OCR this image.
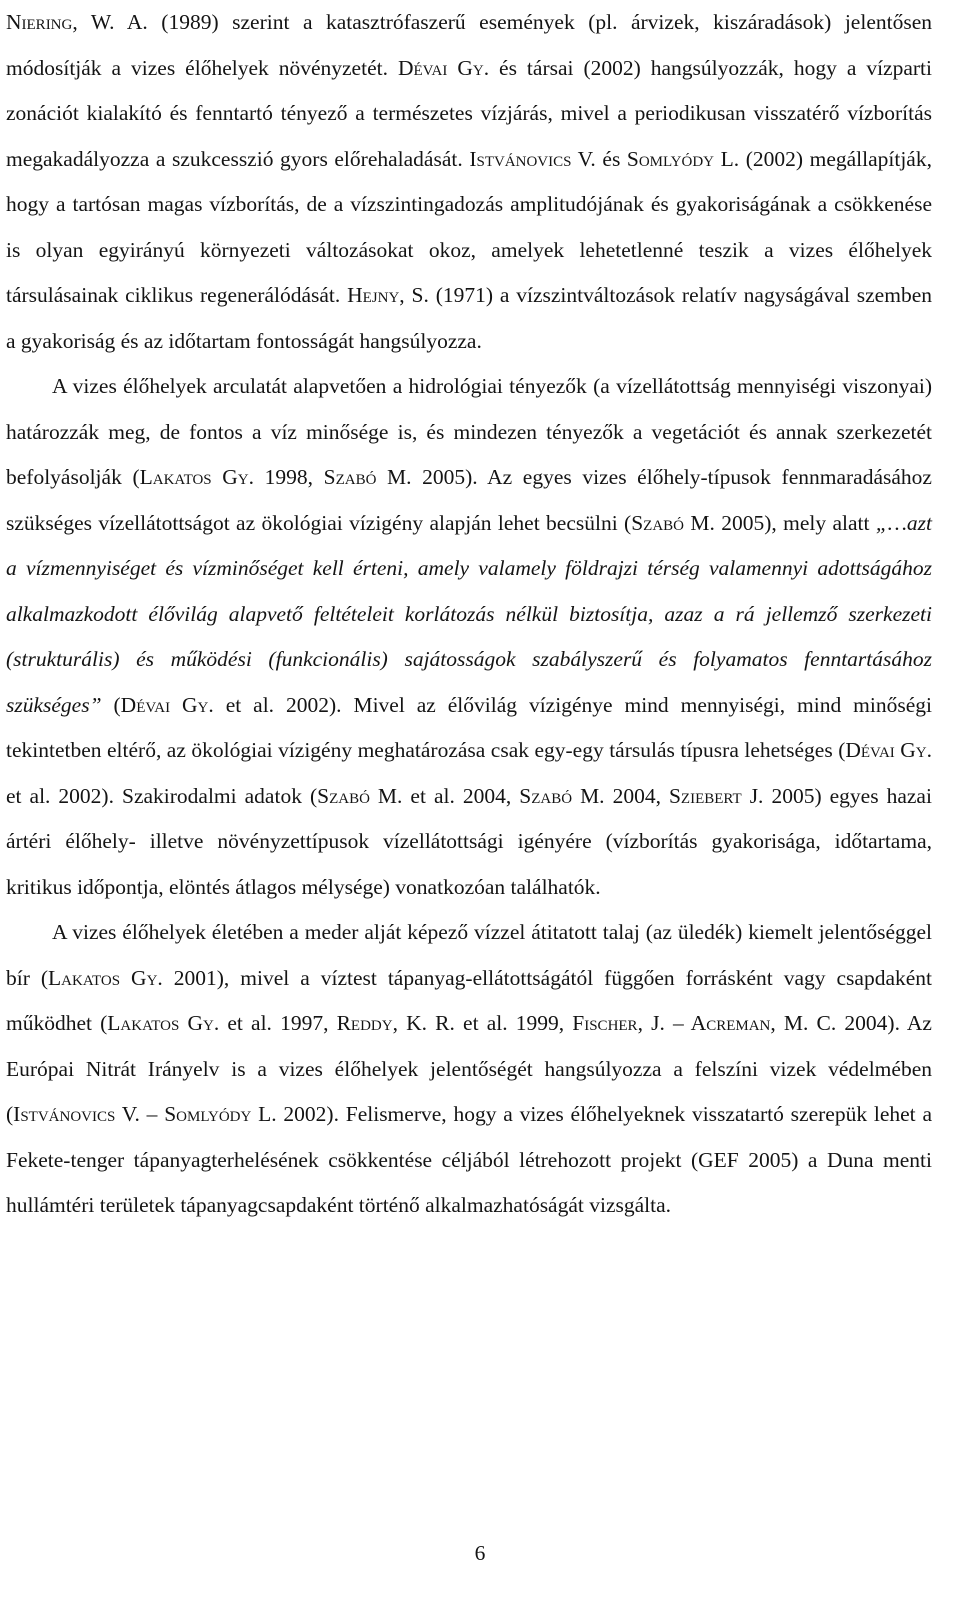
Niering, W. A. (1989) szerint a katasztrófaszerű események (pl. árvizek, kiszáradások) jelentősen módosítják a vizes élőhelyek növényzetét. Dévai Gy. és társai (2002) hangsúlyozzák, hogy a vízparti zonációt kialakító és fenntartó tényező a természetes vízjárás, mivel a periodikusan visszatérő vízborítás megakadályozza a szukcesszió gyors előrehaladását. Istvánovics V. és Somlyódy L. (2002) megállapítják, hogy a tartósan magas vízborítás, de a vízszintingadozás amplitudójának és gyakoriságának a csökkenése is olyan egyirányú környezeti változásokat okoz, amelyek lehetetlenné teszik a vizes élőhelyek társulásainak ciklikus regenerálódását. Hejny, S. (1971) a vízszintváltozások relatív nagyságával szemben a gyakoriság és az időtartam fontosságát hangsúlyozza.

A vizes élőhelyek arculatát alapvetően a hidrológiai tényezők (a vízellátottság mennyiségi viszonyai) határozzák meg, de fontos a víz minősége is, és mindezen tényezők a vegetációt és annak szerkezetét befolyásolják (Lakatos Gy. 1998, Szabó M. 2005). Az egyes vizes élőhely-típusok fennmaradásához szükséges vízellátottságot az ökológiai vízigény alapján lehet becsülni (Szabó M. 2005), mely alatt „…azt a vízmennyiséget és vízminőséget kell érteni, amely valamely földrajzi térség valamennyi adottságához alkalmazkodott élővilág alapvető feltételeit korlátozás nélkül biztosítja, azaz a rá jellemző szerkezeti (strukturális) és működési (funkcionális) sajátosságok szabályszerű és folyamatos fenntartásához szükséges” (Dévai Gy. et al. 2002). Mivel az élővilág vízigénye mind mennyiségi, mind minőségi tekintetben eltérő, az ökológiai vízigény meghatározása csak egy-egy társulás típusra lehetséges (Dévai Gy. et al. 2002). Szakirodalmi adatok (Szabó M. et al. 2004, Szabó M. 2004, Sziebert J. 2005) egyes hazai ártéri élőhely- illetve növényzettípusok vízellátottsági igényére (vízborítás gyakorisága, időtartama, kritikus időpontja, elöntés átlagos mélysége) vonatkozóan találhatók.

A vizes élőhelyek életében a meder alját képező vízzel átitatott talaj (az üledék) kiemelt jelentőséggel bír (Lakatos Gy. 2001), mivel a víztest tápanyag-ellátottságától függően forrásként vagy csapdaként működhet (Lakatos Gy. et al. 1997, Reddy, K. R. et al. 1999, Fischer, J. – Acreman, M. C. 2004). Az Európai Nitrát Irányelv is a vizes élőhelyek jelentőségét hangsúlyozza a felszíni vizek védelmében (Istvánovics V. – Somlyódy L. 2002). Felismerve, hogy a vizes élőhelyeknek visszatartó szerepük lehet a Fekete-tenger tápanyagterhelésének csökkentése céljából létrehozott projekt (GEF 2005) a Duna menti hullámtéri területek tápanyagcsapdaként történő alkalmazhatóságát vizsgálta.

6
